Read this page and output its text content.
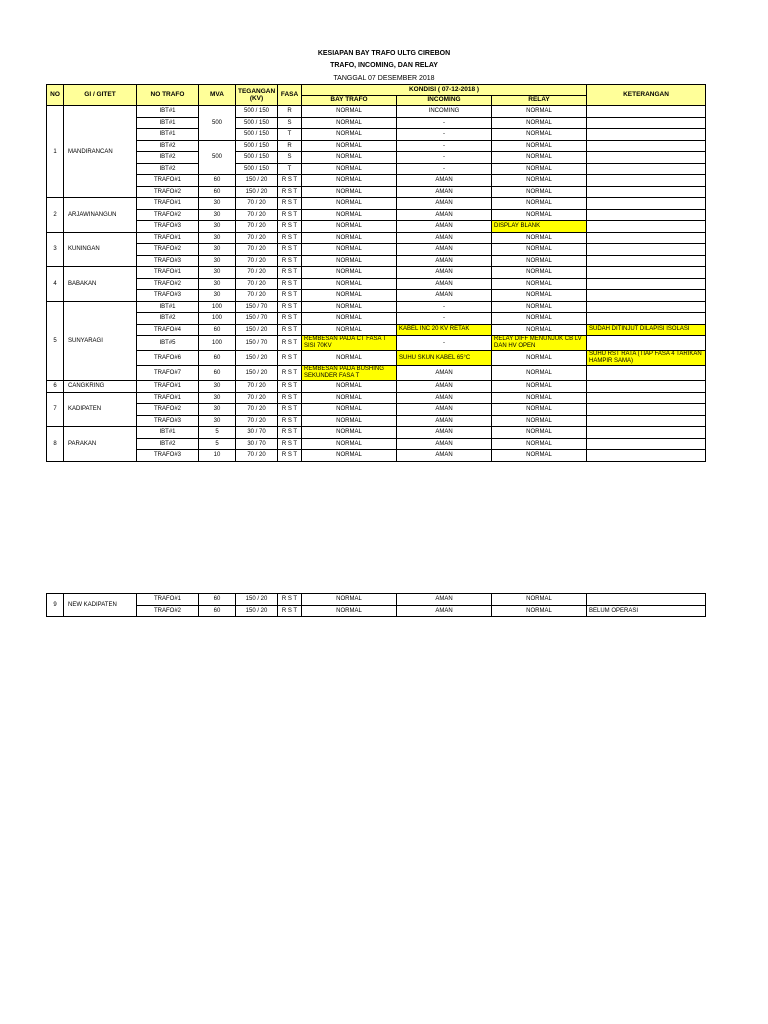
KESIAPAN BAY TRAFO ULTG CIREBON
TRAFO, INCOMING, DAN RELAY
TANGGAL 07 DESEMBER 2018
NO	GI / GITET	NO TRAFO	MVA	TEGANGAN (KV)	FASA	KONDISI ( 07-12-2018 )			KETERANGAN
						BAY TRAFO	INCOMING	RELAY	
1	MANDIRANCAN	IBT#1	500	500 / 150	R	NORMAL	INCOMING	NORMAL	
		IBT#1		500 / 150	S	NORMAL	-	NORMAL	
		IBT#1		500 / 150	T	NORMAL	-	NORMAL	
		IBT#2	500	500 / 150	R	NORMAL	-	NORMAL	
		IBT#2		500 / 150	S	NORMAL	-	NORMAL	
		IBT#2		500 / 150	T	NORMAL	-	NORMAL	
		TRAFO#1	60	150 / 20	R S T	NORMAL	AMAN	NORMAL	
		TRAFO#2	60	150 / 20	R S T	NORMAL	AMAN	NORMAL	
2	ARJAWINANGUN	TRAFO#1	30	70 / 20	R S T	NORMAL	AMAN	NORMAL	
		TRAFO#2	30	70 / 20	R S T	NORMAL	AMAN	NORMAL	
		TRAFO#3	30	70 / 20	R S T	NORMAL	AMAN	DISPLAY BLANK	
3	KUNINGAN	TRAFO#1	30	70 / 20	R S T	NORMAL	AMAN	NORMAL	
		TRAFO#2	30	70 / 20	R S T	NORMAL	AMAN	NORMAL	
		TRAFO#3	30	70 / 20	R S T	NORMAL	AMAN	NORMAL	
4	BABAKAN	TRAFO#1	30	70 / 20	R S T	NORMAL	AMAN	NORMAL	
		TRAFO#2	30	70 / 20	R S T	NORMAL	AMAN	NORMAL	
		TRAFO#3	30	70 / 20	R S T	NORMAL	AMAN	NORMAL	
5	SUNYARAGI	IBT#1	100	150 / 70	R S T	NORMAL	-	NORMAL	
		IBT#2	100	150 / 70	R S T	NORMAL	-	NORMAL	
		TRAFO#4	60	150 / 20	R S T	NORMAL	KABEL INC 20 KV RETAK	NORMAL	SUDAH DITINJUT DILAPISI ISOLASI
		IBT#5	100	150 / 70	R S T	REMBESAN PADA CT FASA T SISI 70KV	-	RELAY DIFF MENUNJUK CB LV DAN HV OPEN	
		TRAFO#6	60	150 / 20	R S T	NORMAL	SUHU SKUN KABEL 65°C	NORMAL	SUHU RST RATA (TIAP FASA 4 TARIKAN HAMPIR SAMA)
		TRAFO#7	60	150 / 20	R S T	REMBESAN PADA BUSHING SEKUNDER FASA T	AMAN	NORMAL	
6	CANGKRING	TRAFO#1	30	70 / 20	R S T	NORMAL	AMAN	NORMAL	
7	KADIPATEN	TRAFO#1	30	70 / 20	R S T	NORMAL	AMAN	NORMAL	
		TRAFO#2	30	70 / 20	R S T	NORMAL	AMAN	NORMAL	
		TRAFO#3	30	70 / 20	R S T	NORMAL	AMAN	NORMAL	
8	PARAKAN	IBT#1	5	30 / 70	R S T	NORMAL	AMAN	NORMAL	
		IBT#2	5	30 / 70	R S T	NORMAL	AMAN	NORMAL	
		TRAFO#3	10	70 / 20	R S T	NORMAL	AMAN	NORMAL	
9	NEW KADIPATEN	TRAFO#1	60	150 / 20	R S T	NORMAL	AMAN	NORMAL	
		TRAFO#2	60	150 / 20	R S T	NORMAL	AMAN	NORMAL	BELUM OPERASI
